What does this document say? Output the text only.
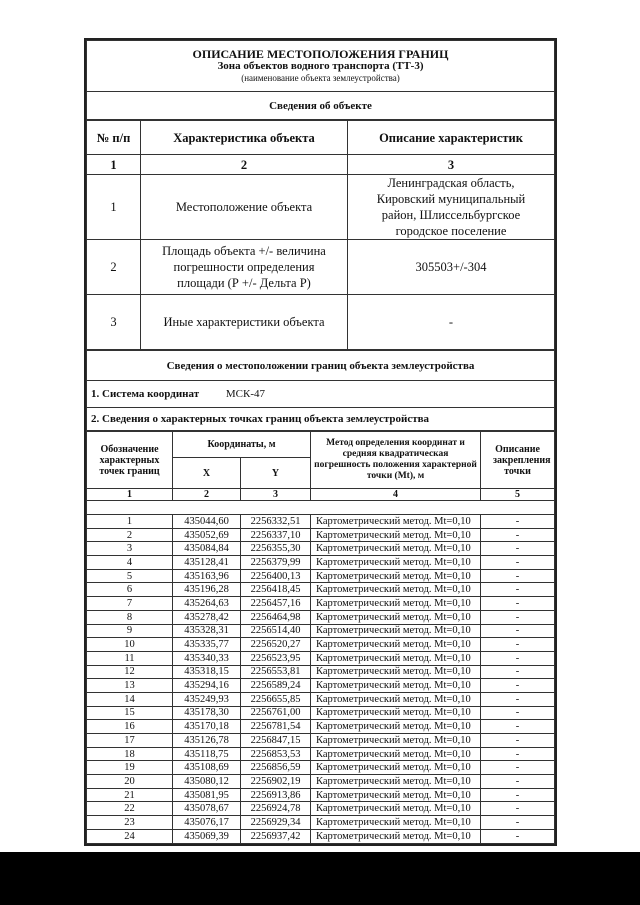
ОПИСАНИЕ МЕСТОПОЛОЖЕНИЯ ГРАНИЦ
Зона объектов водного транспорта (ТТ-3)
(наименование объекта землеустройства)

Сведения об объекте
№ п/п	Характеристика объекта	Описание характеристик
1	2	3
1	Местоположение объекта	Ленинградская область, Кировский муниципальный район, Шлиссельбургское городское поселение
2	Площадь объекта +/- величина погрешности определения площади (Р +/- Дельта Р)	305503+/-304
3	Иные характеристики объекта	-
Сведения о местоположении границ объекта землеустройства
1. Система координат МСК-47
2. Сведения о характерных точках границ объекта землеустройства
Обозначение характерных точек границ	Координаты, м		Метод определения координат и средняя квадратическая погрешность положения характерной точки (Mt), м	Описание закрепления точки
	X	Y		
1	2	3	4	5

1	435044,60	2256332,51	Картометрический метод. Mt=0,10	-
2	435052,69	2256337,10	Картометрический метод. Mt=0,10	-
3	435084,84	2256355,30	Картометрический метод. Mt=0,10	-
4	435128,41	2256379,99	Картометрический метод. Mt=0,10	-
5	435163,96	2256400,13	Картометрический метод. Mt=0,10	-
6	435196,28	2256418,45	Картометрический метод. Mt=0,10	-
7	435264,63	2256457,16	Картометрический метод. Mt=0,10	-
8	435278,42	2256464,98	Картометрический метод. Mt=0,10	-
9	435328,31	2256514,40	Картометрический метод. Mt=0,10	-
10	435335,77	2256520,27	Картометрический метод. Mt=0,10	-
11	435340,33	2256523,95	Картометрический метод. Mt=0,10	-
12	435318,15	2256553,81	Картометрический метод. Mt=0,10	-
13	435294,16	2256589,24	Картометрический метод. Mt=0,10	-
14	435249,93	2256655,85	Картометрический метод. Mt=0,10	-
15	435178,30	2256761,00	Картометрический метод. Mt=0,10	-
16	435170,18	2256781,54	Картометрический метод. Mt=0,10	-
17	435126,78	2256847,15	Картометрический метод. Mt=0,10	-
18	435118,75	2256853,53	Картометрический метод. Mt=0,10	-
19	435108,69	2256856,59	Картометрический метод. Mt=0,10	-
20	435080,12	2256902,19	Картометрический метод. Mt=0,10	-
21	435081,95	2256913,86	Картометрический метод. Mt=0,10	-
22	435078,67	2256924,78	Картометрический метод. Mt=0,10	-
23	435076,17	2256929,34	Картометрический метод. Mt=0,10	-
24	435069,39	2256937,42	Картометрический метод. Mt=0,10	-
